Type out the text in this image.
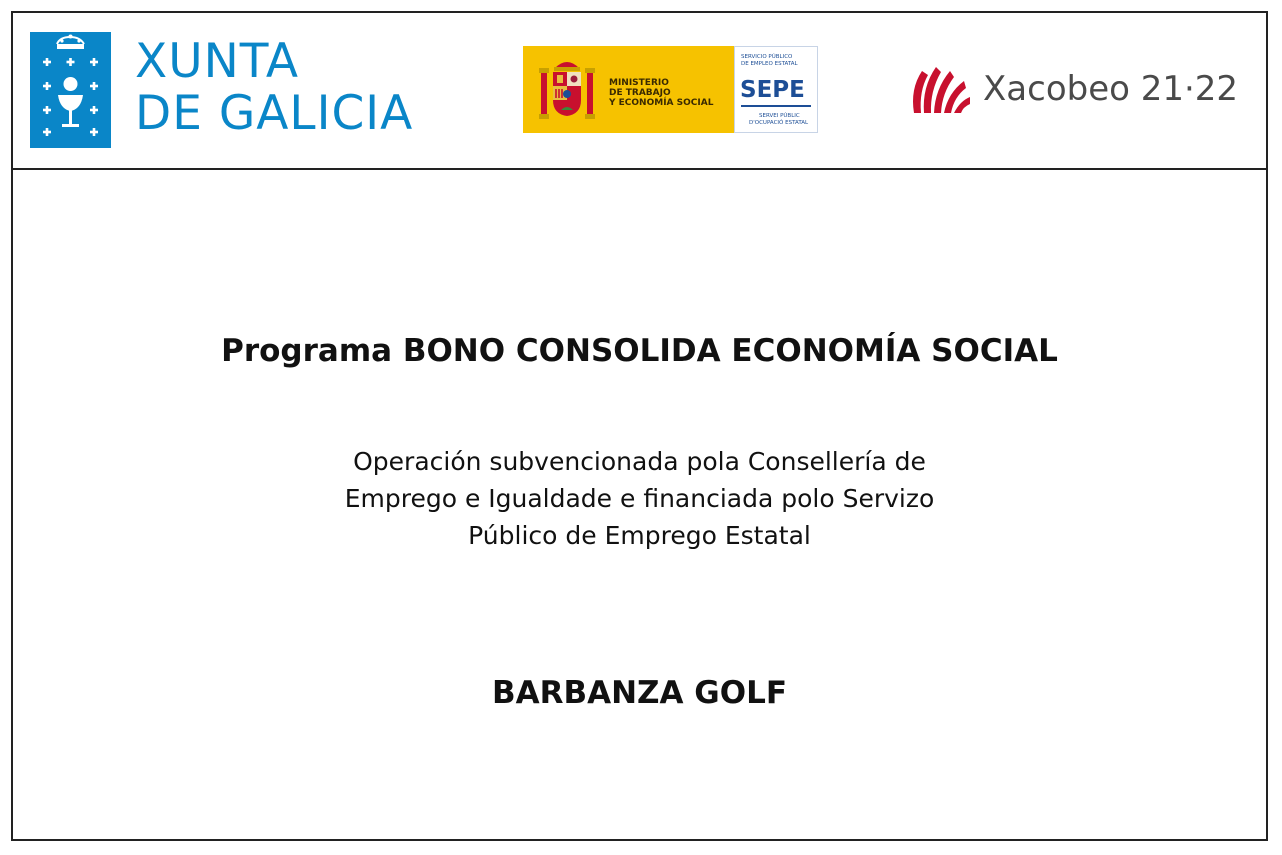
XUNTA
DE GALICIA
MINISTERIO
DE TRABAJO
Y ECONOMÍA SOCIAL
SERVICIO PÚBLICO
DE EMPLEO ESTATAL
SEPE
SERVEI PÚBLIC
D'OCUPACIÓ ESTATAL
Xacobeo 21·22
Programa BONO CONSOLIDA ECONOMÍA SOCIAL
Operación subvencionada pola Consellería de
Emprego e Igualdade e financiada polo Servizo
Público de Emprego Estatal
BARBANZA GOLF
